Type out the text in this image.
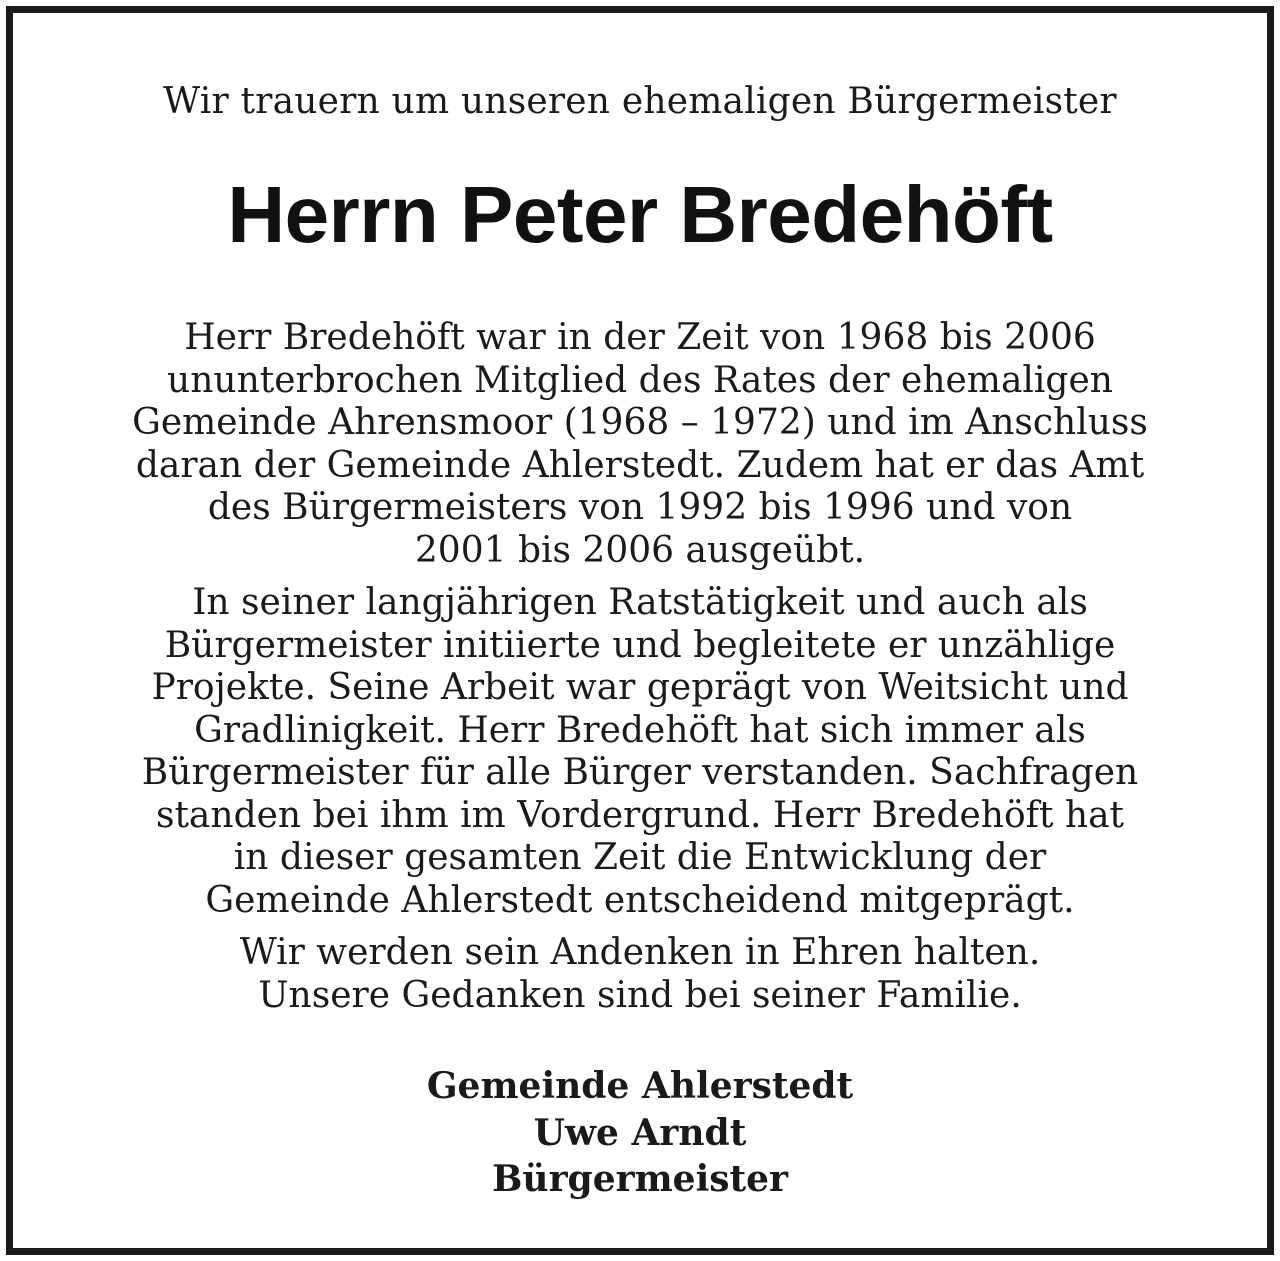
Wir trauern um unseren ehemaligen Bürgermeister
Herrn Peter Bredehöft

Herr Bredehöft war in der Zeit von 1968 bis 2006
ununterbrochen Mitglied des Rates der ehemaligen
Gemeinde Ahrensmoor (1968 – 1972) und im Anschluss
daran der Gemeinde Ahlerstedt. Zudem hat er das Amt
des Bürgermeisters von 1992 bis 1996 und von
2001 bis 2006 ausgeübt.

In seiner langjährigen Ratstätigkeit und auch als
Bürgermeister initiierte und begleitete er unzählige
Projekte. Seine Arbeit war geprägt von Weitsicht und
Gradlinigkeit. Herr Bredehöft hat sich immer als
Bürgermeister für alle Bürger verstanden. Sachfragen
standen bei ihm im Vordergrund. Herr Bredehöft hat
in dieser gesamten Zeit die Entwicklung der
Gemeinde Ahlerstedt entscheidend mitgeprägt.

Wir werden sein Andenken in Ehren halten.
Unsere Gedanken sind bei seiner Familie.

Gemeinde Ahlerstedt
Uwe Arndt
Bürgermeister
